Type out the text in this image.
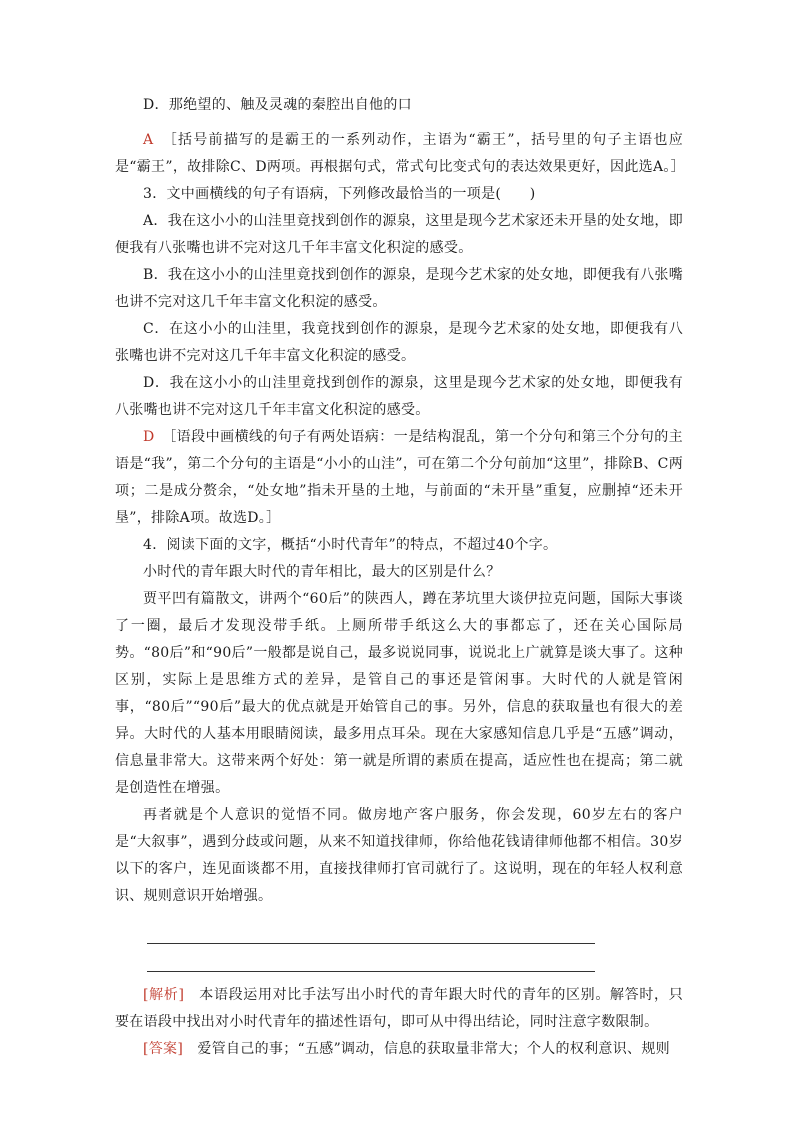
D．那绝望的、触及灵魂的秦腔出自他的口

A　 ［括号前描写的是霸王的一系列动作，主语为“霸王”，括号里的句子主语也应是“霸王”，故排除C、D两项。再根据句式，常式句比变式句的表达效果更好，因此选A。］

3．文中画横线的句子有语病，下列修改最恰当的一项是(　　)

A．我在这小小的山洼里竟找到创作的源泉，这里是现今艺术家还未开垦的处女地，即便我有八张嘴也讲不完对这几千年丰富文化积淀的感受。

B．我在这小小的山洼里竟找到创作的源泉，是现今艺术家的处女地，即便我有八张嘴也讲不完对这几千年丰富文化积淀的感受。

C．在这小小的山洼里，我竟找到创作的源泉，是现今艺术家的处女地，即便我有八张嘴也讲不完对这几千年丰富文化积淀的感受。

D．我在这小小的山洼里竟找到创作的源泉，这里是现今艺术家的处女地，即便我有八张嘴也讲不完对这几千年丰富文化积淀的感受。

D　 ［语段中画横线的句子有两处语病：一是结构混乱，第一个分句和第三个分句的主语是“我”，第二个分句的主语是“小小的山洼”，可在第二个分句前加“这里”，排除B、C两项；二是成分赘余，“处女地”指未开垦的土地，与前面的“未开垦”重复，应删掉“还未开垦”，排除A项。故选D。］

4．阅读下面的文字，概括“小时代青年”的特点，不超过40个字。

小时代的青年跟大时代的青年相比，最大的区别是什么？

贾平凹有篇散文，讲两个“60后”的陕西人，蹲在茅坑里大谈伊拉克问题，国际大事谈了一圈，最后才发现没带手纸。上厕所带手纸这么大的事都忘了，还在关心国际局势。“80后”和“90后”一般都是说自己，最多说说同事，说说北上广就算是谈大事了。这种区别，实际上是思维方式的差异，是管自己的事还是管闲事。大时代的人就是管闲事，“80后”“90后”最大的优点就是开始管自己的事。另外，信息的获取量也有很大的差异。大时代的人基本用眼睛阅读，最多用点耳朵。现在大家感知信息几乎是“五感”调动，信息量非常大。这带来两个好处：第一就是所谓的素质在提高，适应性也在提高；第二就是创造性在增强。

再者就是个人意识的觉悟不同。做房地产客户服务，你会发现，60岁左右的客户是“大叙事”，遇到分歧或问题，从来不知道找律师，你给他花钱请律师他都不相信。30岁以下的客户，连见面谈都不用，直接找律师打官司就行了。这说明，现在的年轻人权利意识、规则意识开始增强。

[解析]　本语段运用对比手法写出小时代的青年跟大时代的青年的区别。解答时，只要在语段中找出对小时代青年的描述性语句，即可从中得出结论，同时注意字数限制。

[答案]　爱管自己的事；“五感”调动，信息的获取量非常大；个人的权利意识、规则
